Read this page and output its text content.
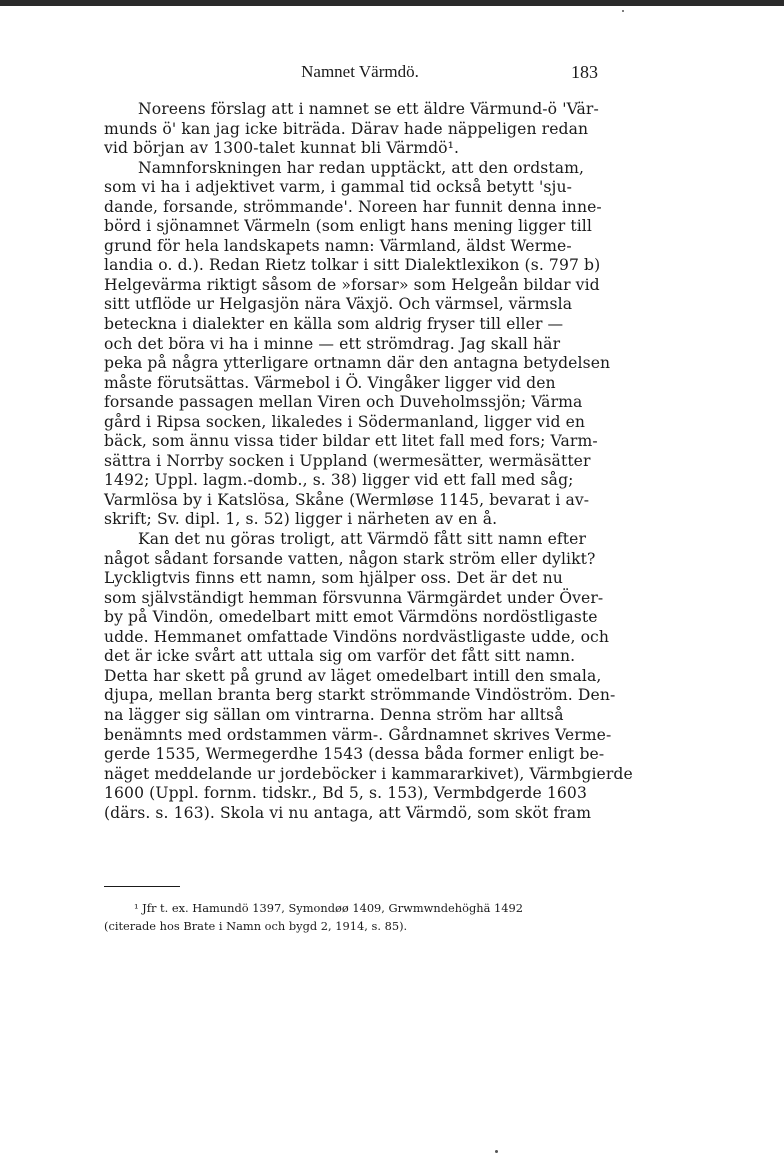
Namnet Värmdö.	183

Noreens förslag att i namnet se ett äldre Värmund-ö 'Vär-
munds ö' kan jag icke biträda. Därav hade näppeligen redan
vid början av 1300-talet kunnat bli Värmdö¹.

Namnforskningen har redan upptäckt, att den ordstam,
som vi ha i adjektivet varm, i gammal tid också betytt 'sju-
dande, forsande, strömmande'. Noreen har funnit denna inne-
börd i sjönamnet Värmeln (som enligt hans mening ligger till
grund för hela landskapets namn: Värmland, äldst Werme-
landia o. d.). Redan Rietz tolkar i sitt Dialektlexikon (s. 797 b)
Helgevärma riktigt såsom de »forsar» som Helgeån bildar vid
sitt utflöde ur Helgasjön nära Växjö. Och värmsel, värmsla
beteckna i dialekter en källa som aldrig fryser till eller —
och det böra vi ha i minne — ett strömdrag. Jag skall här
peka på några ytterligare ortnamn där den antagna betydelsen
måste förutsättas. Värmebol i Ö. Vingåker ligger vid den
forsande passagen mellan Viren och Duveholmssjön; Värma
gård i Ripsa socken, likaledes i Södermanland, ligger vid en
bäck, som ännu vissa tider bildar ett litet fall med fors; Varm-
sättra i Norrby socken i Uppland (wermesätter, wermäsätter
1492; Uppl. lagm.-domb., s. 38) ligger vid ett fall med såg;
Varmlösa by i Katslösa, Skåne (Wermløse 1145, bevarat i av-
skrift; Sv. dipl. 1, s. 52) ligger i närheten av en å.

Kan det nu göras troligt, att Värmdö fått sitt namn efter
något sådant forsande vatten, någon stark ström eller dylikt?
Lyckligtvis finns ett namn, som hjälper oss. Det är det nu
som självständigt hemman försvunna Värmgärdet under Över-
by på Vindön, omedelbart mitt emot Värmdöns nordöstligaste
udde. Hemmanet omfattade Vindöns nordvästligaste udde, och
det är icke svårt att uttala sig om varför det fått sitt namn.
Detta har skett på grund av läget omedelbart intill den smala,
djupa, mellan branta berg starkt strömmande Vindöström. Den-
na lägger sig sällan om vintrarna. Denna ström har alltså
benämnts med ordstammen värm-. Gårdnamnet skrives Verme-
gerde 1535, Wermegerdhe 1543 (dessa båda former enligt be-
näget meddelande ur jordeböcker i kammararkivet), Värmbgierde
1600 (Uppl. fornm. tidskr., Bd 5, s. 153), Vermbdgerde 1603
(därs. s. 163). Skola vi nu antaga, att Värmdö, som sköt fram

¹ Jfr t. ex. Hamundö 1397, Symondøø 1409, Grwmwndehöghä 1492
(citerade hos Brate i Namn och bygd 2, 1914, s. 85).
